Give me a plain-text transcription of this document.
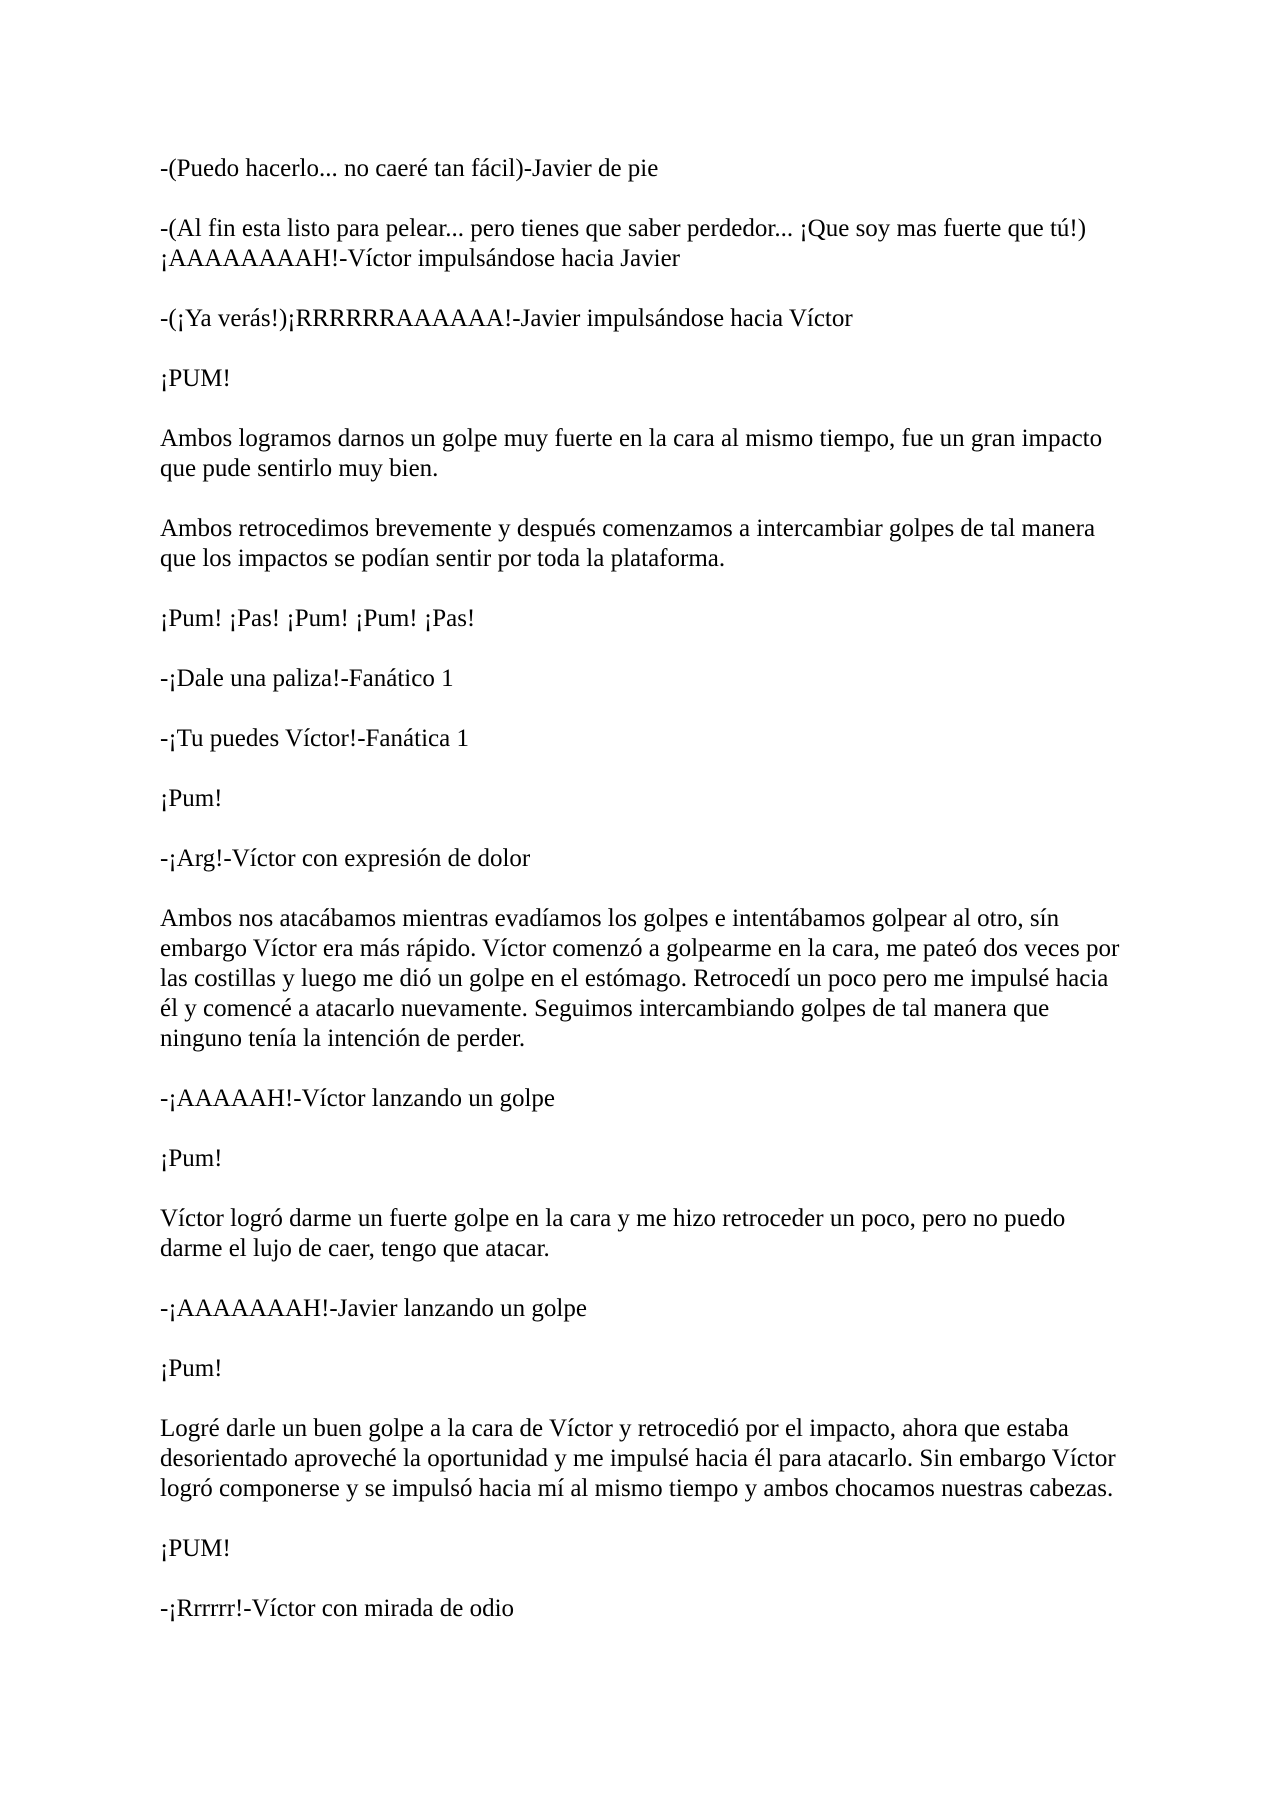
-(Puedo hacerlo... no caeré tan fácil)-Javier de pie

-(Al fin esta listo para pelear... pero tienes que saber perdedor... ¡Que soy mas fuerte que tú!) ¡AAAAAAAAH!-Víctor impulsándose hacia Javier

-(¡Ya verás!)¡RRRRRRAAAAAA!-Javier impulsándose hacia Víctor

¡PUM!

Ambos logramos darnos un golpe muy fuerte en la cara al mismo tiempo, fue un gran impacto que pude sentirlo muy bien.

Ambos retrocedimos brevemente y después comenzamos a intercambiar golpes de tal manera que los impactos se podían sentir por toda la plataforma.

¡Pum! ¡Pas! ¡Pum! ¡Pum! ¡Pas!

-¡Dale una paliza!-Fanático 1

-¡Tu puedes Víctor!-Fanática 1

¡Pum!

-¡Arg!-Víctor con expresión de dolor

Ambos nos atacábamos mientras evadíamos los golpes e intentábamos golpear al otro, sín embargo Víctor era más rápido. Víctor comenzó a golpearme en la cara, me pateó dos veces por las costillas y luego me dió un golpe en el estómago. Retrocedí un poco pero me impulsé hacia él y comencé a atacarlo nuevamente. Seguimos intercambiando golpes de tal manera que ninguno tenía la intención de perder.

-¡AAAAAH!-Víctor lanzando un golpe

¡Pum!

Víctor logró darme un fuerte golpe en la cara y me hizo retroceder un poco, pero no puedo darme el lujo de caer, tengo que atacar.

-¡AAAAAAAH!-Javier lanzando un golpe

¡Pum!

Logré darle un buen golpe a la cara de Víctor y retrocedió por el impacto, ahora que estaba desorientado aproveché la oportunidad y me impulsé hacia él para atacarlo. Sin embargo Víctor logró componerse y se impulsó hacia mí al mismo tiempo y ambos chocamos nuestras cabezas.

¡PUM!

-¡Rrrrrr!-Víctor con mirada de odio
